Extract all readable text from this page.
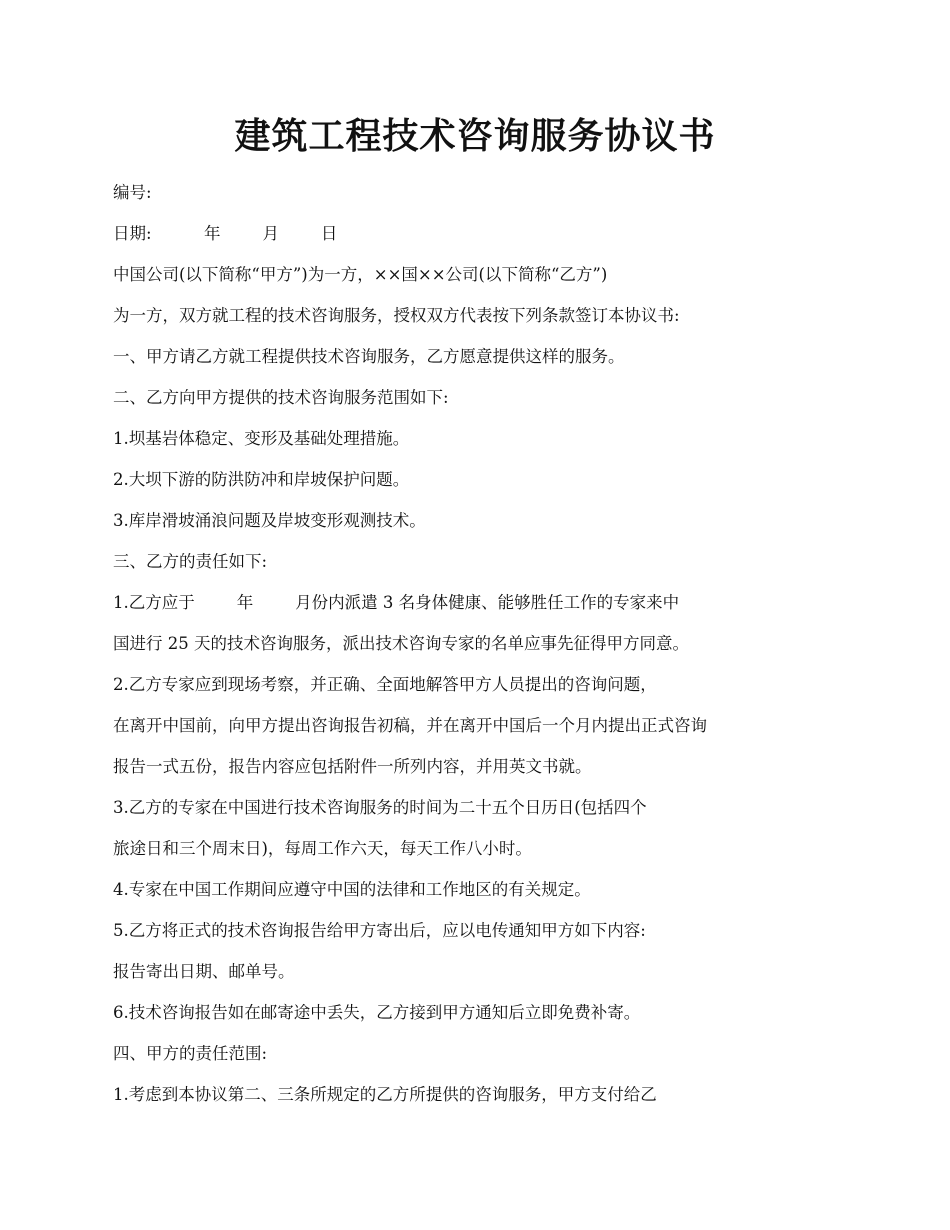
建筑工程技术咨询服务协议书

编号:

日期:          年        月        日

中国公司(以下简称“甲方”)为一方，××国××公司(以下简称“乙方”)

为一方，双方就工程的技术咨询服务，授权双方代表按下列条款签订本协议书:

一、甲方请乙方就工程提供技术咨询服务，乙方愿意提供这样的服务。

二、乙方向甲方提供的技术咨询服务范围如下:

1.坝基岩体稳定、变形及基础处理措施。

2.大坝下游的防洪防冲和岸坡保护问题。

3.库岸滑坡涌浪问题及岸坡变形观测技术。

三、乙方的责任如下:

1.乙方应于        年        月份内派遣 3 名身体健康、能够胜任工作的专家来中

国进行 25 天的技术咨询服务，派出技术咨询专家的名单应事先征得甲方同意。

2.乙方专家应到现场考察，并正确、全面地解答甲方人员提出的咨询问题，

在离开中国前，向甲方提出咨询报告初稿，并在离开中国后一个月内提出正式咨询

报告一式五份，报告内容应包括附件一所列内容，并用英文书就。

3.乙方的专家在中国进行技术咨询服务的时间为二十五个日历日(包括四个

旅途日和三个周末日)，每周工作六天，每天工作八小时。

4.专家在中国工作期间应遵守中国的法律和工作地区的有关规定。

5.乙方将正式的技术咨询报告给甲方寄出后，应以电传通知甲方如下内容:

报告寄出日期、邮单号。

6.技术咨询报告如在邮寄途中丢失，乙方接到甲方通知后立即免费补寄。

四、甲方的责任范围:

1.考虑到本协议第二、三条所规定的乙方所提供的咨询服务，甲方支付给乙
